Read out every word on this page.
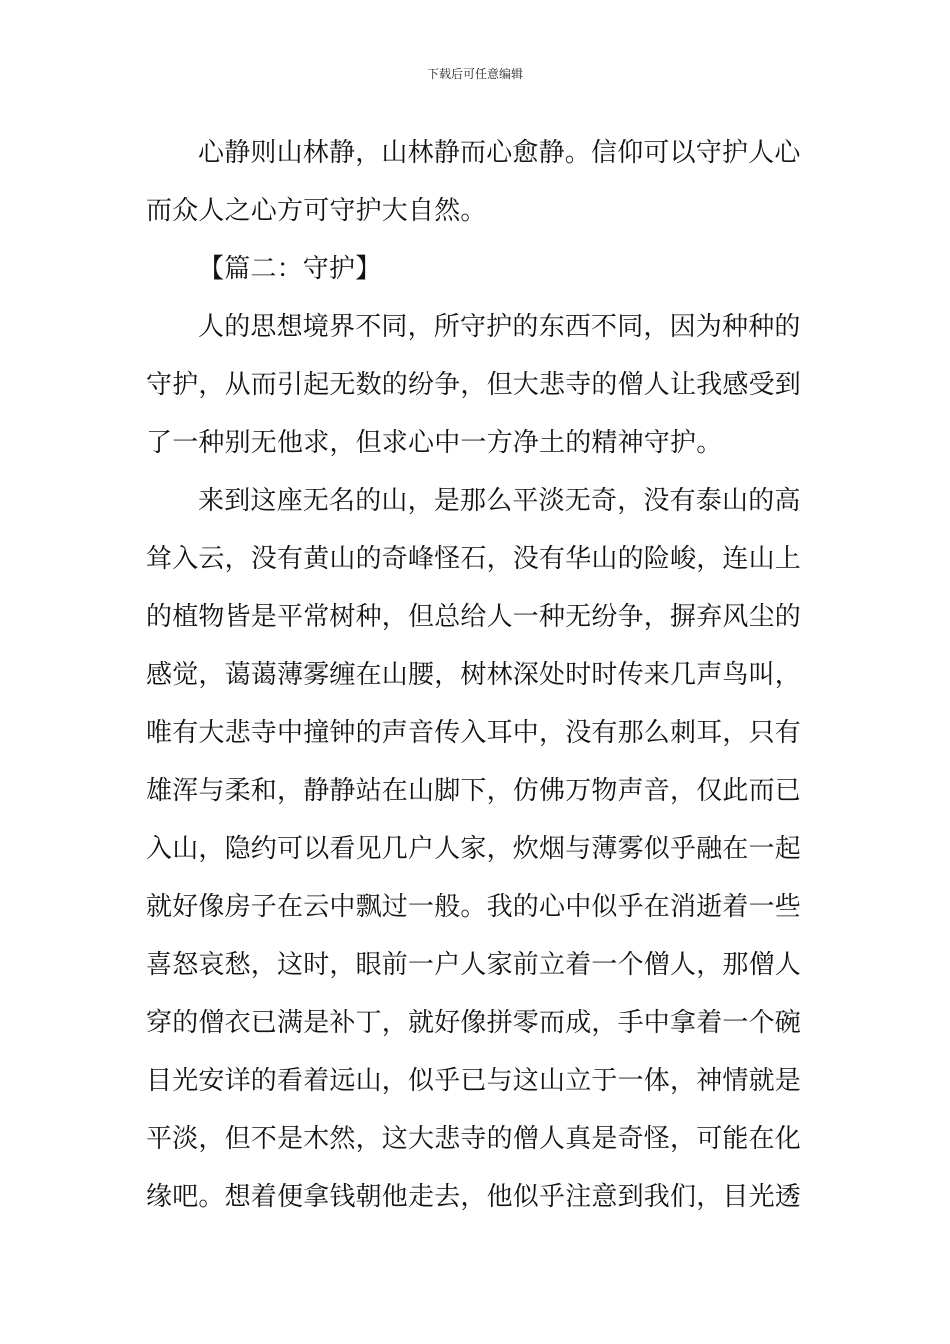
下载后可任意编辑
心静则山林静，山林静而心愈静。信仰可以守护人心
而众人之心方可守护大自然。
【篇二：守护】
人的思想境界不同，所守护的东西不同，因为种种的
守护，从而引起无数的纷争，但大悲寺的僧人让我感受到
了一种别无他求，但求心中一方净土的精神守护。
来到这座无名的山，是那么平淡无奇，没有泰山的高
耸入云，没有黄山的奇峰怪石，没有华山的险峻，连山上
的植物皆是平常树种，但总给人一种无纷争，摒弃风尘的
感觉，蔼蔼薄雾缠在山腰，树林深处时时传来几声鸟叫，
唯有大悲寺中撞钟的声音传入耳中，没有那么刺耳，只有
雄浑与柔和，静静站在山脚下，仿佛万物声音，仅此而已
入山，隐约可以看见几户人家，炊烟与薄雾似乎融在一起
就好像房子在云中飘过一般。我的心中似乎在消逝着一些
喜怒哀愁，这时，眼前一户人家前立着一个僧人，那僧人
穿的僧衣已满是补丁，就好像拼零而成，手中拿着一个碗
目光安详的看着远山，似乎已与这山立于一体，神情就是
平淡，但不是木然，这大悲寺的僧人真是奇怪，可能在化
缘吧。想着便拿钱朝他走去，他似乎注意到我们，目光透
